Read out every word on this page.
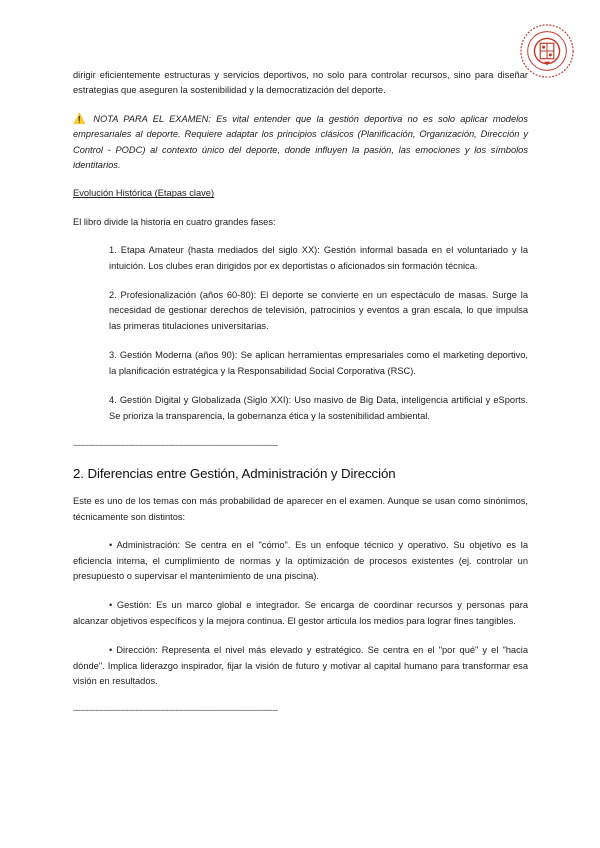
dirigir eficientemente estructuras y servicios deportivos, no solo para controlar recursos, sino para diseñar estrategias que aseguren la sostenibilidad y la democratización del deporte.

⚠️ NOTA PARA EL EXAMEN: Es vital entender que la gestión deportiva no es solo aplicar modelos empresariales al deporte. Requiere adaptar los principios clásicos (Planificación, Organización, Dirección y Control - PODC) al contexto único del deporte, donde influyen la pasión, las emociones y los símbolos identitarios.

Evolución Histórica (Etapas clave)

El libro divide la historia en cuatro grandes fases:

1. Etapa Amateur (hasta mediados del siglo XX): Gestión informal basada en el voluntariado y la intuición. Los clubes eran dirigidos por ex deportistas o aficionados sin formación técnica.
2. Profesionalización (años 60-80): El deporte se convierte en un espectáculo de masas. Surge la necesidad de gestionar derechos de televisión, patrocinios y eventos a gran escala, lo que impulsa las primeras titulaciones universitarias.
3. Gestión Moderna (años 90): Se aplican herramientas empresariales como el marketing deportivo, la planificación estratégica y la Responsabilidad Social Corporativa (RSC).
4. Gestión Digital y Globalizada (Siglo XXI): Uso masivo de Big Data, inteligencia artificial y eSports. Se prioriza la transparencia, la gobernanza ética y la sostenibilidad ambiental.

----------------------------------------------------------------------------------

2. Diferencias entre Gestión, Administración y Dirección

Este es uno de los temas con más probabilidad de aparecer en el examen. Aunque se usan como sinónimos, técnicamente son distintos:

• Administración: Se centra en el "cómo". Es un enfoque técnico y operativo. Su objetivo es la eficiencia interna, el cumplimiento de normas y la optimización de procesos existentes (ej. controlar un presupuesto o supervisar el mantenimiento de una piscina).
• Gestión: Es un marco global e integrador. Se encarga de coordinar recursos y personas para alcanzar objetivos específicos y la mejora continua. El gestor articula los medios para lograr fines tangibles.
• Dirección: Representa el nivel más elevado y estratégico. Se centra en el "por qué" y el "hacia dónde". Implica liderazgo inspirador, fijar la visión de futuro y motivar al capital humano para transformar esa visión en resultados.

----------------------------------------------------------------------------------
